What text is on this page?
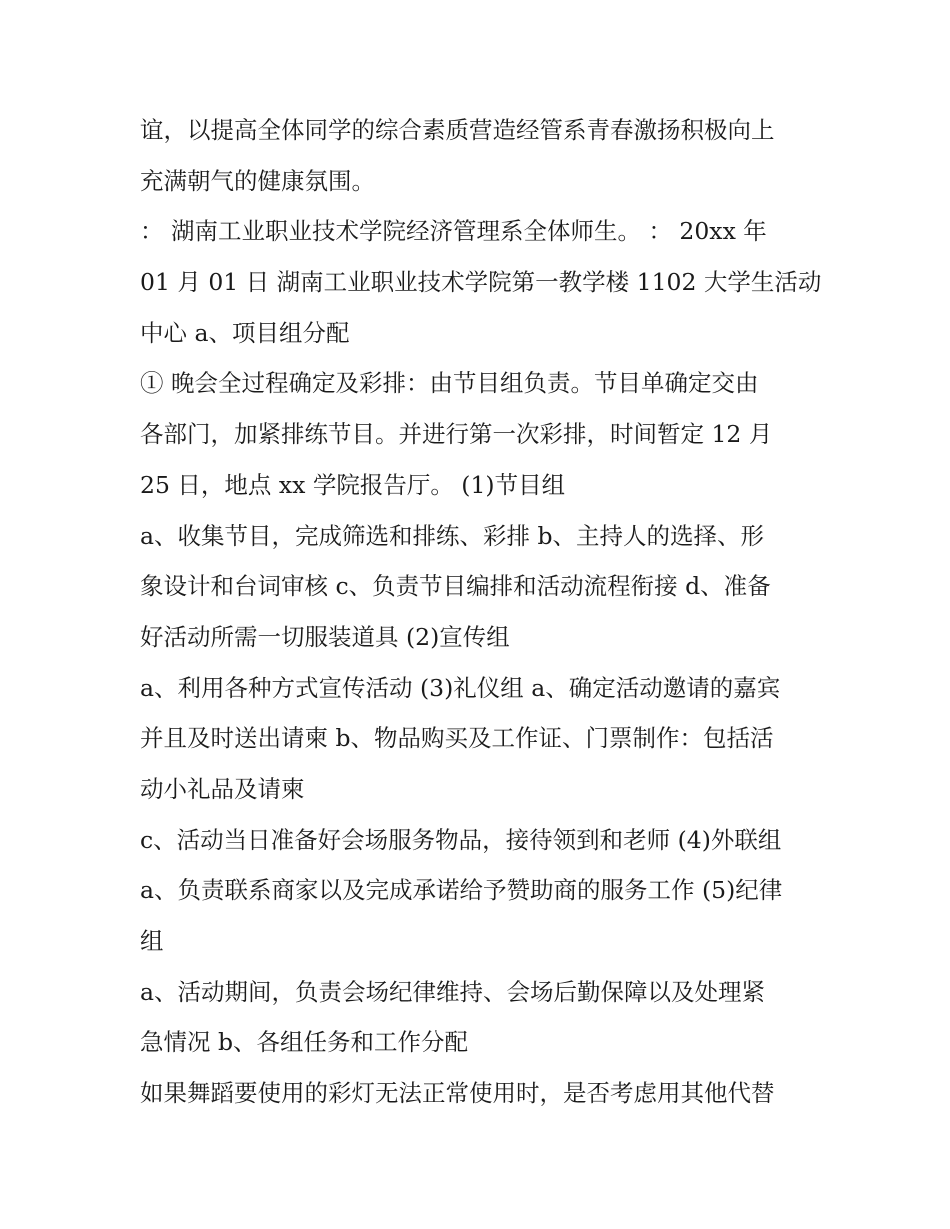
谊，以提高全体同学的综合素质营造经管系青春激扬积极向上
充满朝气的健康氛围。
： 湖南工业职业技术学院经济管理系全体师生。 ： 20xx 年
01 月 01 日 湖南工业职业技术学院第一教学楼 1102 大学生活动
中心 a、项目组分配
① 晚会全过程确定及彩排：由节目组负责。节目单确定交由
各部门，加紧排练节目。并进行第一次彩排，时间暂定 12 月
25 日，地点 xx 学院报告厅。 (1)节目组
a、收集节目，完成筛选和排练、彩排 b、主持人的选择、形
象设计和台词审核 c、负责节目编排和活动流程衔接 d、准备
好活动所需一切服装道具 (2)宣传组
a、利用各种方式宣传活动 (3)礼仪组 a、确定活动邀请的嘉宾
并且及时送出请柬 b、物品购买及工作证、门票制作：包括活
动小礼品及请柬
c、活动当日准备好会场服务物品，接待领到和老师 (4)外联组
a、负责联系商家以及完成承诺给予赞助商的服务工作 (5)纪律
组
a、活动期间，负责会场纪律维持、会场后勤保障以及处理紧
急情况 b、各组任务和工作分配
如果舞蹈要使用的彩灯无法正常使用时，是否考虑用其他代替
